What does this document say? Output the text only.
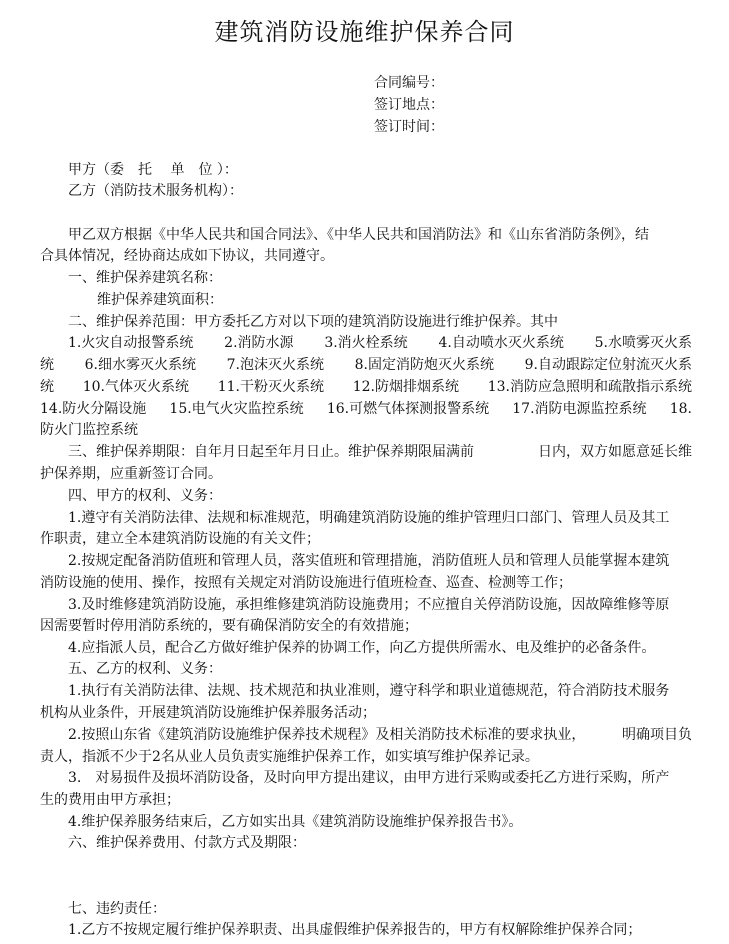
建筑消防设施维护保养合同
合同编号：
签订地点：
签订时间：
甲方（委　托　 单　位 ）：
乙方（消防技术服务机构）：
甲乙双方根据《中华人民共和国合同法》、《中华人民共和国消防法》和《山东省消防条例》，结
合具体情况，经协商达成如下协议，共同遵守。
一、维护保养建筑名称：
维护保养建筑面积：
二、维护保养范围：甲方委托乙方对以下项的建筑消防设施进行维护保养。其中
1.火灾自动报警系统 2.消防水源 3.消火栓系统 4.自动喷水灭火系统 5.水喷雾灭火系
统 6.细水雾灭火系统 7.泡沫灭火系统 8.固定消防炮灭火系统 9.自动跟踪定位射流灭火系
统 10.气体灭火系统 11.干粉灭火系统 12.防烟排烟系统 13.消防应急照明和疏散指示系统
14.防火分隔设施 15.电气火灾监控系统 16.可燃气体探测报警系统 17.消防电源监控系统 18.
防火门监控系统
三、维护保养期限：自年月日起至年月日止。维护保养期限届满前	日内，双方如愿意延长维
护保养期，应重新签订合同。
四、甲方的权利、义务：
1.遵守有关消防法律、法规和标准规范，明确建筑消防设施的维护管理归口部门、管理人员及其工
作职责，建立全本建筑消防设施的有关文件；
2.按规定配备消防值班和管理人员，落实值班和管理措施，消防值班人员和管理人员能掌握本建筑
消防设施的使用、操作，按照有关规定对消防设施进行值班检查、巡查、检测等工作；
3.及时维修建筑消防设施，承担维修建筑消防设施费用；不应擅自关停消防设施，因故障维修等原
因需要暂时停用消防系统的，要有确保消防安全的有效措施；
4.应指派人员，配合乙方做好维护保养的协调工作，向乙方提供所需水、电及维护的必备条件。
五、乙方的权利、义务：
1.执行有关消防法律、法规、技术规范和执业准则，遵守科学和职业道德规范，符合消防技术服务
机构从业条件，开展建筑消防设施维护保养服务活动；
2.按照山东省《建筑消防设施维护保养技术规程》及相关消防技术标准的要求执业，	明确项目负
责人，指派不少于2名从业人员负责实施维护保养工作，如实填写维护保养记录。
3.　对易损件及损坏消防设备，及时向甲方提出建议，由甲方进行采购或委托乙方进行采购，所产
生的费用由甲方承担；
4.维护保养服务结束后，乙方如实出具《建筑消防设施维护保养报告书》。
六、维护保养费用、付款方式及期限：
七、违约责任：
1.乙方不按规定履行维护保养职责、出具虚假维护保养报告的，甲方有权解除维护保养合同；
